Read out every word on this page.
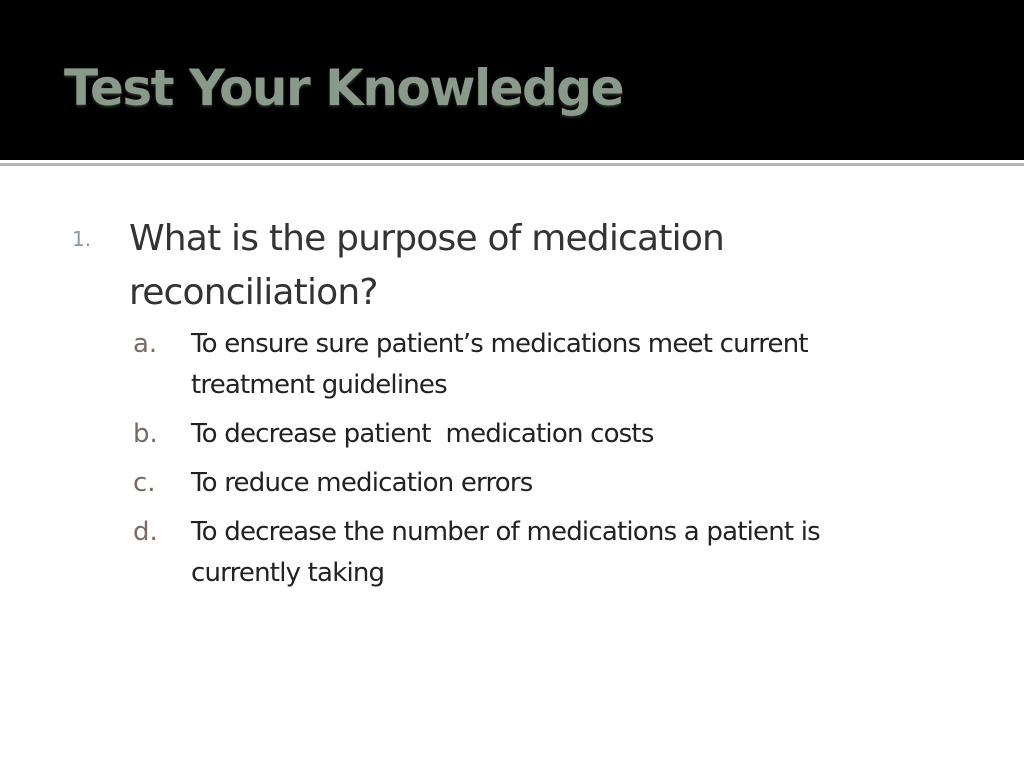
Test Your Knowledge
1.	What is the purpose of medication reconciliation?
a.	To ensure sure patient’s medications meet current treatment guidelines
b.	To decrease patient  medication costs
c.	To reduce medication errors
d.	To decrease the number of medications a patient is currently taking
